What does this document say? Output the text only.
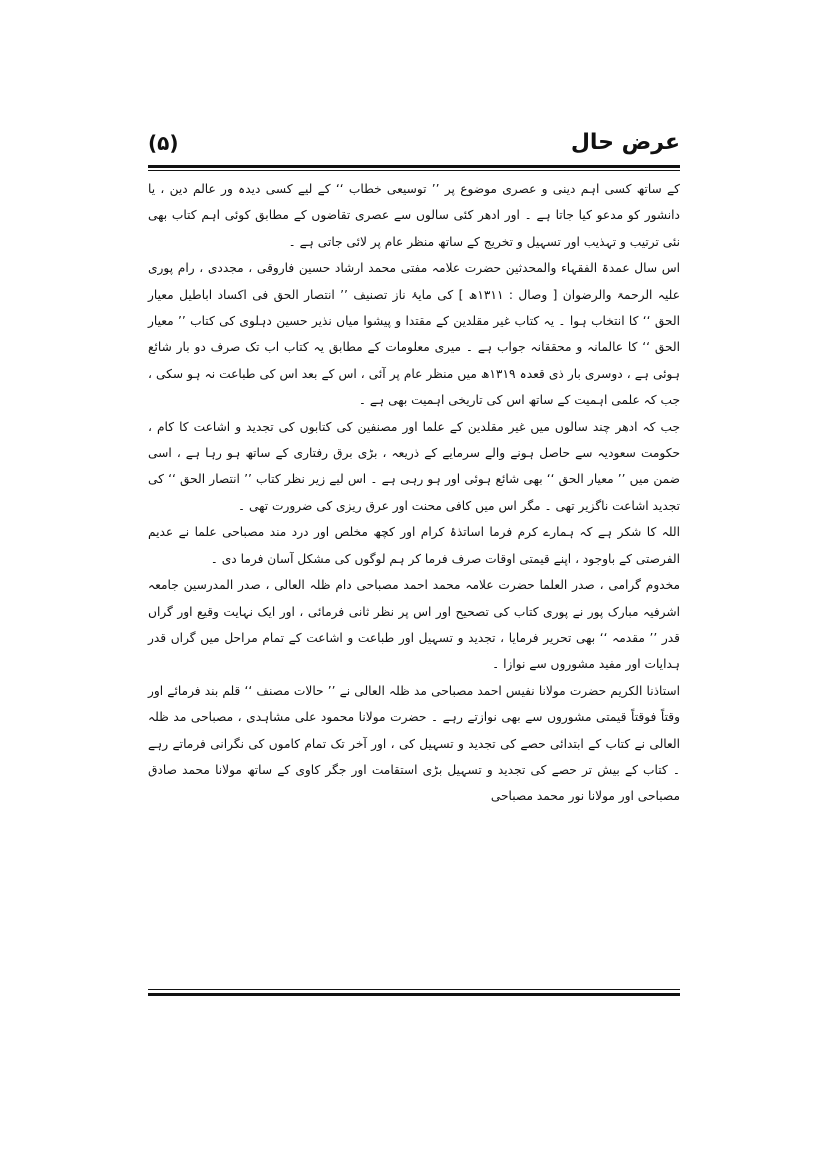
عرض حال
(۵)

کے ساتھ کسی اہم دینی و عصری موضوع پر ’’ توسیعی خطاب ‘‘ کے لیے کسی دیدہ ور عالم دین ، یا دانشور کو مدعو کیا جاتا ہے ۔ اور ادھر کئی سالوں سے عصری تقاضوں کے مطابق کوئی اہم کتاب بھی نئی ترتیب و تہذیب اور تسہیل و تخریج کے ساتھ منظر عام پر لائی جاتی ہے ۔

اس سال عمدۃ الفقہاء والمحدثین حضرت علامہ مفتی محمد ارشاد حسین فاروقی ، مجددی ، رام پوری علیہ الرحمۃ والرضوان [ وصال : ۱۳۱۱ھ ] کی مایۂ ناز تصنیف ’’ انتصار الحق فی اکساد اباطیل معیار الحق ‘‘ کا انتخاب ہوا ۔ یہ کتاب غیر مقلدین کے مقتدا و پیشوا میاں نذیر حسین دہلوی کی کتاب ’’ معیار الحق ‘‘ کا عالمانہ و محققانہ جواب ہے ۔ میری معلومات کے مطابق یہ کتاب اب تک صرف دو بار شائع ہوئی ہے ، دوسری بار ذی قعدہ ۱۳۱۹ھ میں منظر عام پر آئی ، اس کے بعد اس کی طباعت نہ ہو سکی ، جب کہ علمی اہمیت کے ساتھ اس کی تاریخی اہمیت بھی ہے ۔

جب کہ ادھر چند سالوں میں غیر مقلدین کے علما اور مصنفین کی کتابوں کی تجدید و اشاعت کا کام ، حکومت سعودیہ سے حاصل ہونے والے سرمایے کے ذریعہ ، بڑی برق رفتاری کے ساتھ ہو رہا ہے ، اسی ضمن میں ’’ معیار الحق ‘‘ بھی شائع ہوئی اور ہو رہی ہے ۔ اس لیے زیر نظر کتاب ’’ انتصار الحق ‘‘ کی تجدید اشاعت ناگزیر تھی ۔ مگر اس میں کافی محنت اور عرق ریزی کی ضرورت تھی ۔

اللہ کا شکر ہے کہ ہمارے کرم فرما اساتذۂ کرام اور کچھ مخلص اور درد مند مصباحی علما نے عدیم الفرصتی کے باوجود ، اپنے قیمتی اوقات صرف فرما کر ہم لوگوں کی مشکل آسان فرما دی ۔

مخدوم گرامی ، صدر العلما حضرت علامہ محمد احمد مصباحی دام ظلہ العالی ، صدر المدرسین جامعہ اشرفیہ مبارک پور نے پوری کتاب کی تصحیح اور اس پر نظر ثانی فرمائی ، اور ایک نہایت وقیع اور گراں قدر ’’ مقدمہ ‘‘ بھی تحریر فرمایا ، تجدید و تسہیل اور طباعت و اشاعت کے تمام مراحل میں گراں قدر ہدایات اور مفید مشوروں سے نوازا ۔

استاذنا الکریم حضرت مولانا نفیس احمد مصباحی مد ظلہ العالی نے ’’ حالات مصنف ‘‘ قلم بند فرمائے اور وقتاً فوقتاً قیمتی مشوروں سے بھی نوازتے رہے ۔ حضرت مولانا محمود علی مشاہدی ، مصباحی مد ظلہ العالی نے کتاب کے ابتدائی حصے کی تجدید و تسہیل کی ، اور آخر تک تمام کاموں کی نگرانی فرماتے رہے ۔ کتاب کے بیش تر حصے کی تجدید و تسہیل بڑی استقامت اور جگر کاوی کے ساتھ مولانا محمد صادق مصباحی اور مولانا نور محمد مصباحی
